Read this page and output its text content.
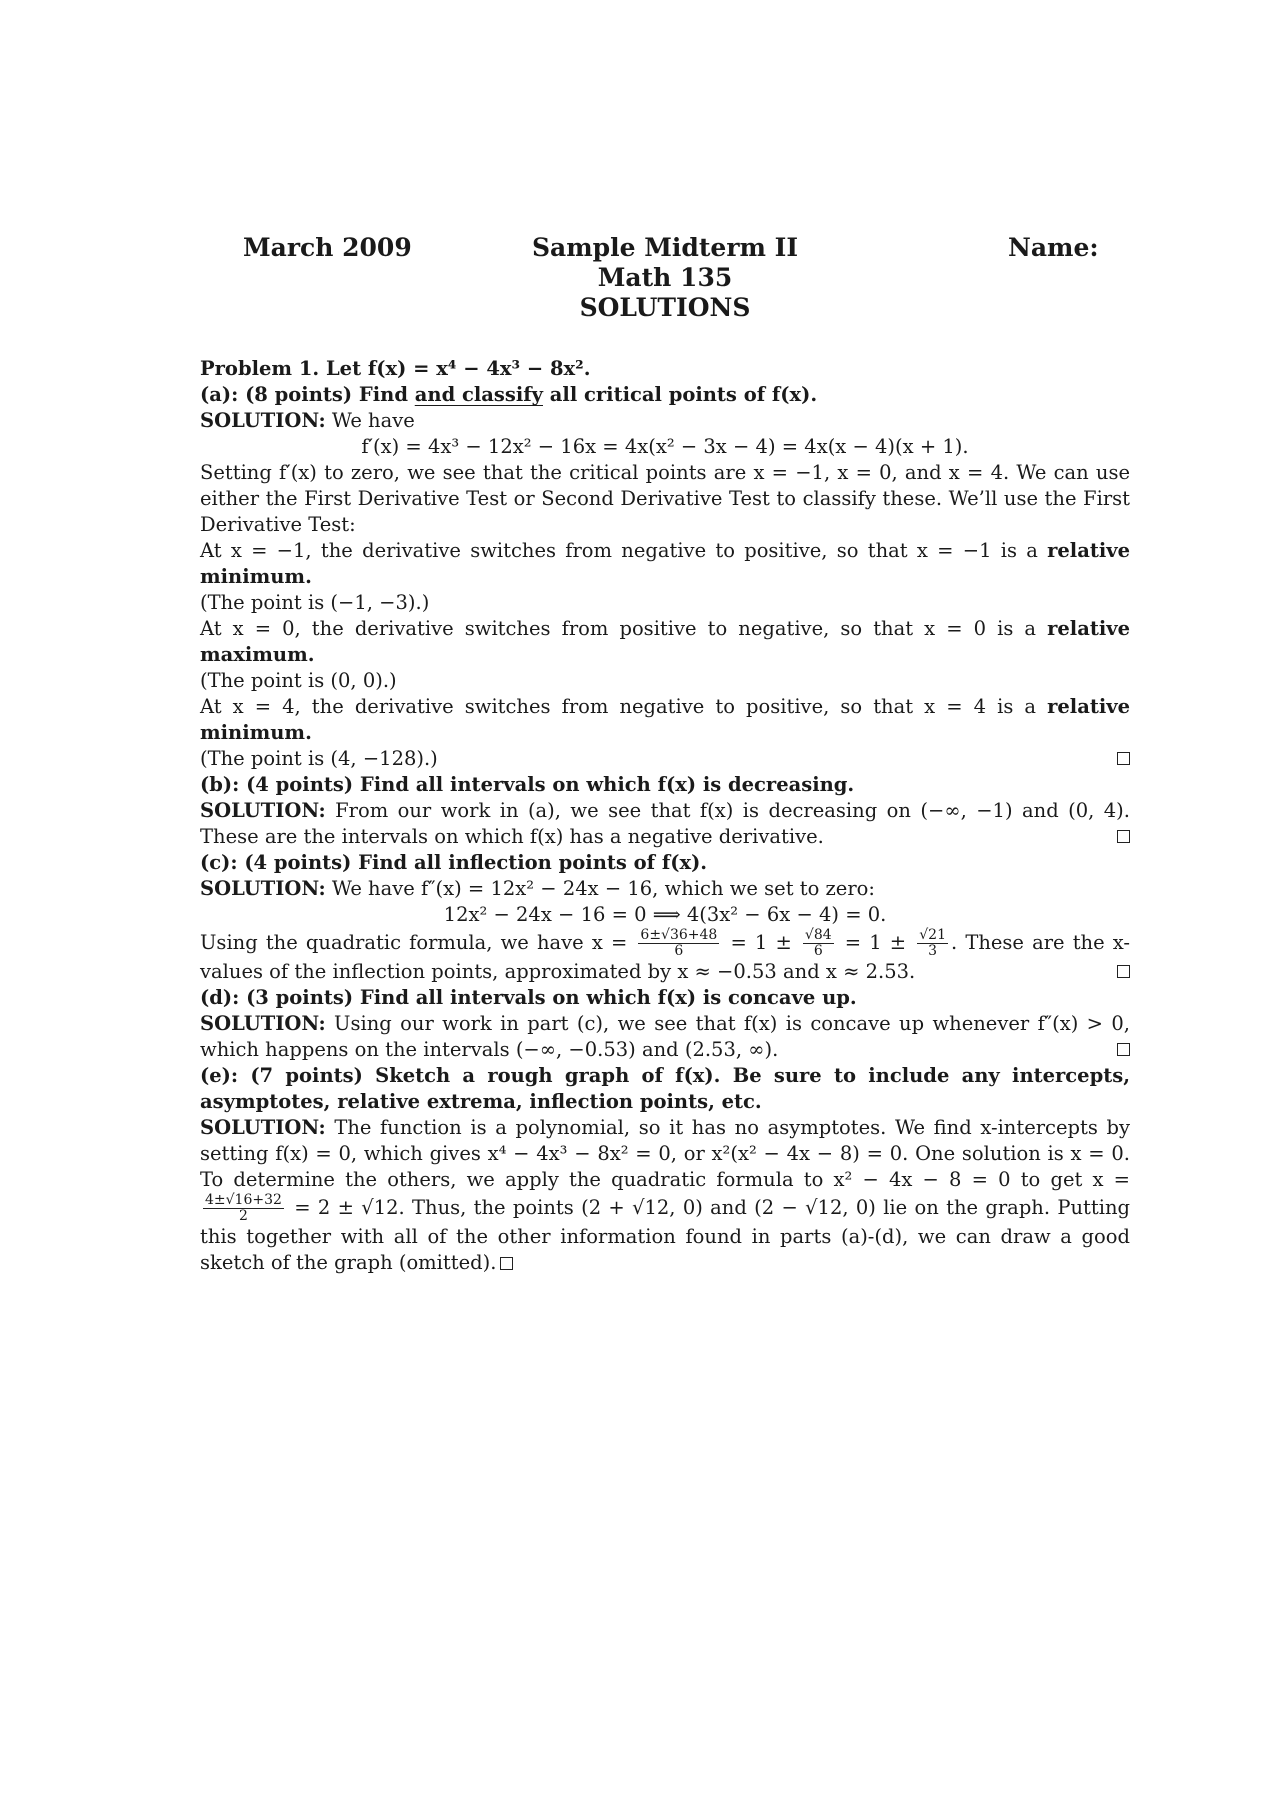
March 2009	Sample Midterm II
Math 135
SOLUTIONS
Name:

Problem 1. Let f(x) = x⁴ − 4x³ − 8x².

(a): (8 points) Find and classify all critical points of f(x).

SOLUTION: We have

f′(x) = 4x³ − 12x² − 16x = 4x(x² − 3x − 4) = 4x(x − 4)(x + 1).

Setting f′(x) to zero, we see that the critical points are x = −1, x = 0, and x = 4. We can use either the First Derivative Test or Second Derivative Test to classify these. We’ll use the First Derivative Test:

At x = −1, the derivative switches from negative to positive, so that x = −1 is a relative minimum.
(The point is (−1, −3).)

At x = 0, the derivative switches from positive to negative, so that x = 0 is a relative maximum.
(The point is (0, 0).)

At x = 4, the derivative switches from negative to positive, so that x = 4 is a relative minimum.
(The point is (4, −128).)

(b): (4 points) Find all intervals on which f(x) is decreasing.

SOLUTION: From our work in (a), we see that f(x) is decreasing on (−∞, −1) and (0, 4). These are the intervals on which f(x) has a negative derivative.

(c): (4 points) Find all inflection points of f(x).

SOLUTION: We have f″(x) = 12x² − 24x − 16, which we set to zero:

12x² − 24x − 16 = 0 ⟹ 4(3x² − 6x − 4) = 0.

Using the quadratic formula, we have $x = \frac{6\pm√36+48}{6} = 1 \pm \frac{√84}{6} = 1 \pm \frac{√21}{3}$ . These are the x-values of the inflection points, approximated by x ≈ −0.53 and x ≈ 2.53.

(d): (3 points) Find all intervals on which f(x) is concave up.

SOLUTION: Using our work in part (c), we see that f(x) is concave up whenever f″(x) > 0, which happens on the intervals (−∞, −0.53) and (2.53, ∞).

(e): (7 points) Sketch a rough graph of f(x). Be sure to include any intercepts, asymptotes, relative extrema, inflection points, etc.

SOLUTION: The function is a polynomial, so it has no asymptotes. We find x-intercepts by setting f(x) = 0, which gives x⁴ − 4x³ − 8x² = 0, or x²(x² − 4x − 8) = 0. One solution is x = 0. To determine the others, we apply the quadratic formula to x² − 4x − 8 = 0 to get x =
$\frac{4\pm√16+32}{2} = 2 \pm √12$. Thus, the points (2 + √12, 0) and (2 − √12, 0) lie on the graph. Putting this together with all of the other information found in parts (a)-(d), we can draw a good sketch of the graph (omitted).
